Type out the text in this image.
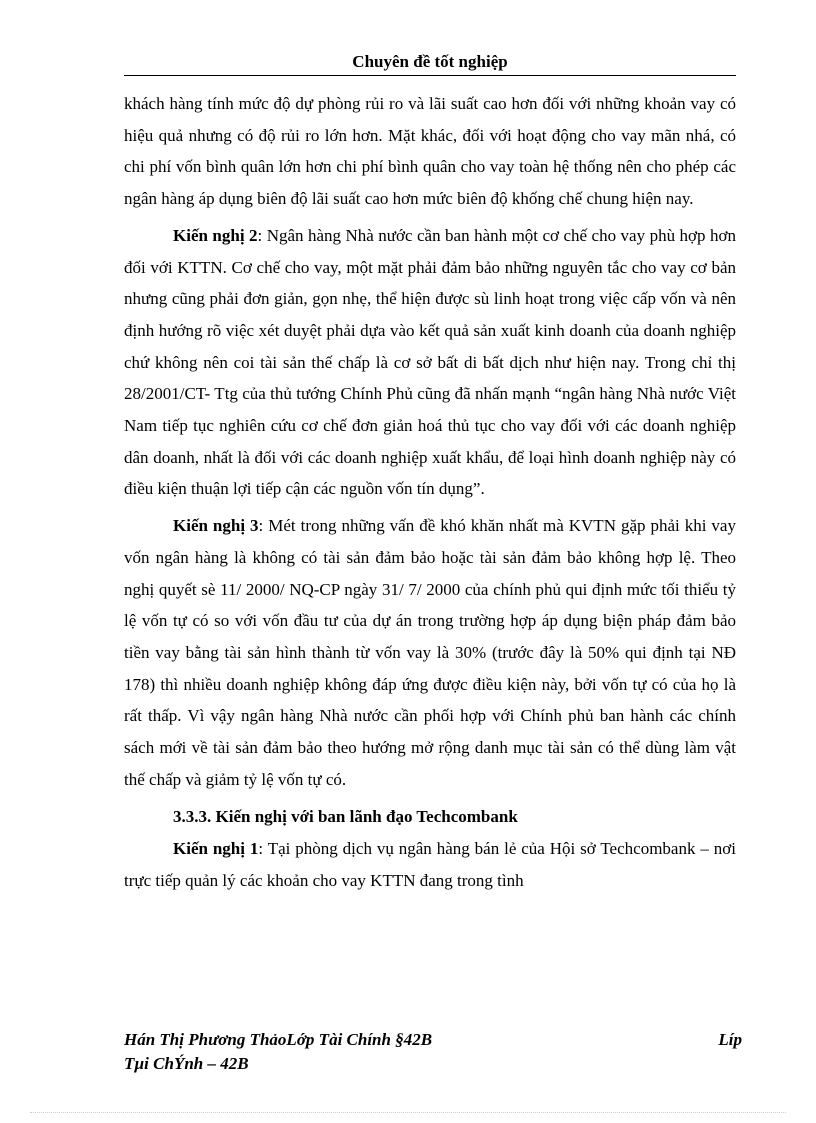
Chuyên đề tốt nghiệp

khách hàng tính mức độ dự phòng rủi ro và lãi suất cao hơn đối với những khoản vay có hiệu quả nhưng có độ rủi ro lớn hơn. Mặt khác, đối với hoạt động cho vay mãn nhá, có chi phí vốn bình quân lớn hơn chi phí bình quân cho vay toàn hệ thống nên cho phép các ngân hàng áp dụng biên độ lãi suất cao hơn mức biên độ khống chế chung hiện nay.

Kiến nghị 2: Ngân hàng Nhà nước cần ban hành một cơ chế cho vay phù hợp hơn đối với KTTN. Cơ chế cho vay, một mặt phải đảm bảo những nguyên tắc cho vay cơ bản nhưng cũng phải đơn giản, gọn nhẹ, thể hiện được sù linh hoạt trong việc cấp vốn và nên định hướng rõ việc xét duyệt phải dựa vào kết quả sản xuất kinh doanh của doanh nghiệp chứ không nên coi tài sản thế chấp là cơ sở bất di bất dịch như hiện nay. Trong chỉ thị 28/2001/CT- Ttg của thủ tướng Chính Phủ cũng đã nhấn mạnh “ngân hàng Nhà nước Việt Nam tiếp tục nghiên cứu cơ chế đơn giản hoá thủ tục cho vay đối với các doanh nghiệp dân doanh, nhất là đối với các doanh nghiệp xuất khẩu, để loại hình doanh nghiệp này có điều kiện thuận lợi tiếp cận các nguồn vốn tín dụng”.

Kiến nghị 3: Mét trong những vấn đề khó khăn nhất mà KVTN gặp phải khi vay vốn ngân hàng là không có tài sản đảm bảo hoặc tài sản đảm bảo không hợp lệ. Theo nghị quyết sè 11/ 2000/ NQ-CP ngày 31/ 7/ 2000 của chính phủ qui định mức tối thiểu tỷ lệ vốn tự có so với vốn đầu tư của dự án trong trường hợp áp dụng biện pháp đảm bảo tiền vay bằng tài sản hình thành từ vốn vay là 30% (trước đây là 50% qui định tại NĐ 178) thì nhiều doanh nghiệp không đáp ứng được điều kiện này, bởi vốn tự có của họ là rất thấp. Vì vậy ngân hàng Nhà nước cần phối hợp với Chính phủ ban hành các chính sách mới về tài sản đảm bảo theo hướng mở rộng danh mục tài sản có thể dùng làm vật thế chấp và giảm tỷ lệ vốn tự có.

3.3.3. Kiến nghị với ban lãnh đạo Techcombank

Kiến nghị 1: Tại phòng dịch vụ ngân hàng bán lẻ của Hội sở Techcombank – nơi trực tiếp quản lý các khoản cho vay KTTN đang trong tình

Hán Thị Phương ThảoLớp Tài Chính §42B	Líp
Tµi ChÝnh – 42B
